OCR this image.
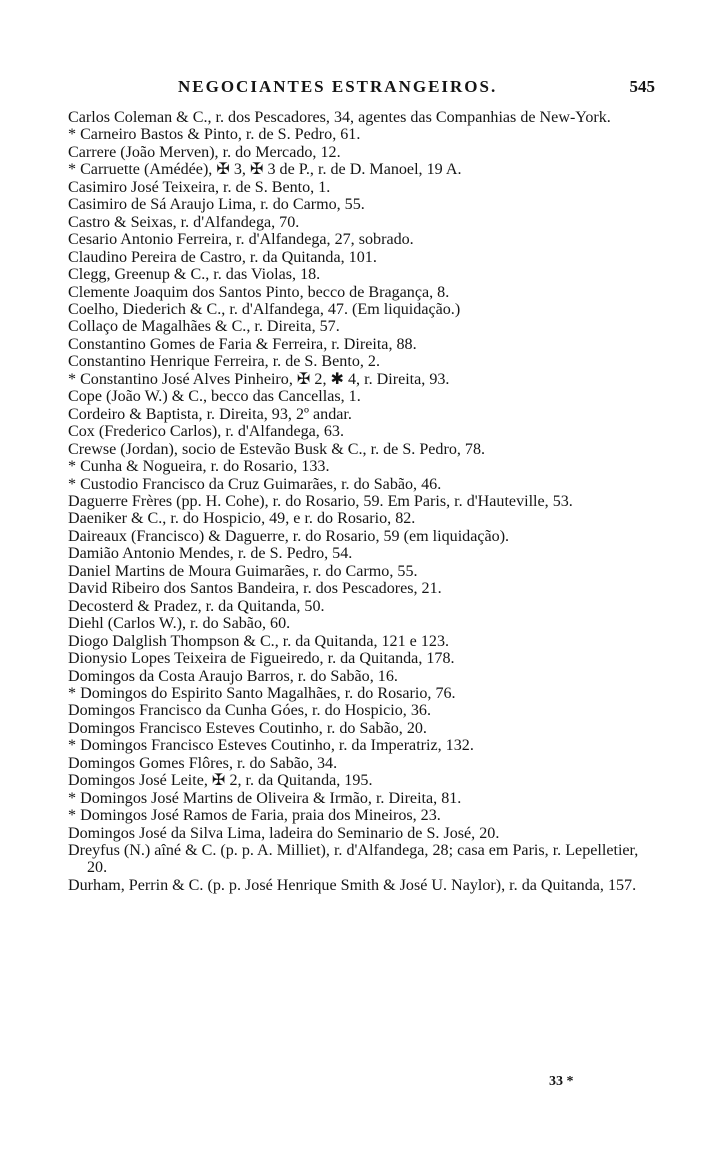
NEGOCIANTES ESTRANGEIROS.	545
Carlos Coleman & C., r. dos Pescadores, 34, agentes das Companhias de New-York.
* Carneiro Bastos & Pinto, r. de S. Pedro, 61.
Carrere (João Merven), r. do Mercado, 12.
* Carruette (Amédée), ✠ 3, ✠ 3 de P., r. de D. Manoel, 19 A.
Casimiro José Teixeira, r. de S. Bento, 1.
Casimiro de Sá Araujo Lima, r. do Carmo, 55.
Castro & Seixas, r. d'Alfandega, 70.
Cesario Antonio Ferreira, r. d'Alfandega, 27, sobrado.
Claudino Pereira de Castro, r. da Quitanda, 101.
Clegg, Greenup & C., r. das Violas, 18.
Clemente Joaquim dos Santos Pinto, becco de Bragança, 8.
Coelho, Diederich & C., r. d'Alfandega, 47. (Em liquidação.)
Collaço de Magalhães & C., r. Direita, 57.
Constantino Gomes de Faria & Ferreira, r. Direita, 88.
Constantino Henrique Ferreira, r. de S. Bento, 2.
* Constantino José Alves Pinheiro, ✠ 2, ✱ 4, r. Direita, 93.
Cope (João W.) & C., becco das Cancellas, 1.
Cordeiro & Baptista, r. Direita, 93, 2º andar.
Cox (Frederico Carlos), r. d'Alfandega, 63.
Crewse (Jordan), socio de Estevão Busk & C., r. de S. Pedro, 78.
* Cunha & Nogueira, r. do Rosario, 133.
* Custodio Francisco da Cruz Guimarães, r. do Sabão, 46.
Daguerre Frères (pp. H. Cohe), r. do Rosario, 59. Em Paris, r. d'Hauteville, 53.
Daeniker & C., r. do Hospicio, 49, e r. do Rosario, 82.
Daireaux (Francisco) & Daguerre, r. do Rosario, 59 (em liquidação).
Damião Antonio Mendes, r. de S. Pedro, 54.
Daniel Martins de Moura Guimarães, r. do Carmo, 55.
David Ribeiro dos Santos Bandeira, r. dos Pescadores, 21.
Decosterd & Pradez, r. da Quitanda, 50.
Diehl (Carlos W.), r. do Sabão, 60.
Diogo Dalglish Thompson & C., r. da Quitanda, 121 e 123.
Dionysio Lopes Teixeira de Figueiredo, r. da Quitanda, 178.
Domingos da Costa Araujo Barros, r. do Sabão, 16.
* Domingos do Espirito Santo Magalhães, r. do Rosario, 76.
Domingos Francisco da Cunha Góes, r. do Hospicio, 36.
Domingos Francisco Esteves Coutinho, r. do Sabão, 20.
* Domingos Francisco Esteves Coutinho, r. da Imperatriz, 132.
Domingos Gomes Flôres, r. do Sabão, 34.
Domingos José Leite, ✠ 2, r. da Quitanda, 195.
* Domingos José Martins de Oliveira & Irmão, r. Direita, 81.
* Domingos José Ramos de Faria, praia dos Mineiros, 23.
Domingos José da Silva Lima, ladeira do Seminario de S. José, 20.
Dreyfus (N.) aîné & C. (p. p. A. Milliet), r. d'Alfandega, 28; casa em Paris, r. Lepelletier, 20.
Durham, Perrin & C. (p. p. José Henrique Smith & José U. Naylor), r. da Quitanda, 157.
33 *
